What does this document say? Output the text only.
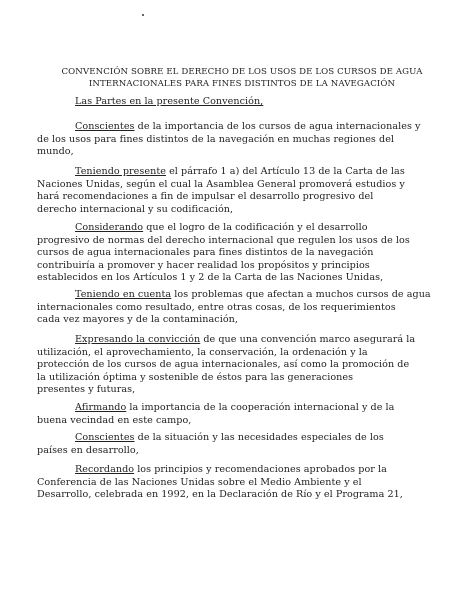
CONVENCIÓN SOBRE EL DERECHO DE LOS USOS DE LOS CURSOS DE AGUA
INTERNACIONALES PARA FINES DISTINTOS DE LA NAVEGACIÓN
Las Partes en la presente Convención,
Conscientes de la importancia de los cursos de agua internacionales y
de los usos para fines distintos de la navegación en muchas regiones del
mundo,
Teniendo presente el párrafo 1 a) del Artículo 13 de la Carta de las
Naciones Unidas, según el cual la Asamblea General promoverá estudios y
hará recomendaciones a fin de impulsar el desarrollo progresivo del
derecho internacional y su codificación,
Considerando que el logro de la codificación y el desarrollo
progresivo de normas del derecho internacional que regulen los usos de los
cursos de agua internacionales para fines distintos de la navegación
contribuiría a promover y hacer realidad los propósitos y principios
establecidos en los Artículos 1 y 2 de la Carta de las Naciones Unidas,
Teniendo en cuenta los problemas que afectan a muchos cursos de agua
internacionales como resultado, entre otras cosas, de los requerimientos
cada vez mayores y de la contaminación,
Expresando la convicción de que una convención marco asegurará la
utilización, el aprovechamiento, la conservación, la ordenación y la
protección de los cursos de agua internacionales, así como la promoción de
la utilización óptima y sostenible de éstos para las generaciones
presentes y futuras,
Afirmando la importancia de la cooperación internacional y de la
buena vecindad en este campo,
Conscientes de la situación y las necesidades especiales de los
países en desarrollo,
Recordando los principios y recomendaciones aprobados por la
Conferencia de las Naciones Unidas sobre el Medio Ambiente y el
Desarrollo, celebrada en 1992, en la Declaración de Río y el Programa 21,
